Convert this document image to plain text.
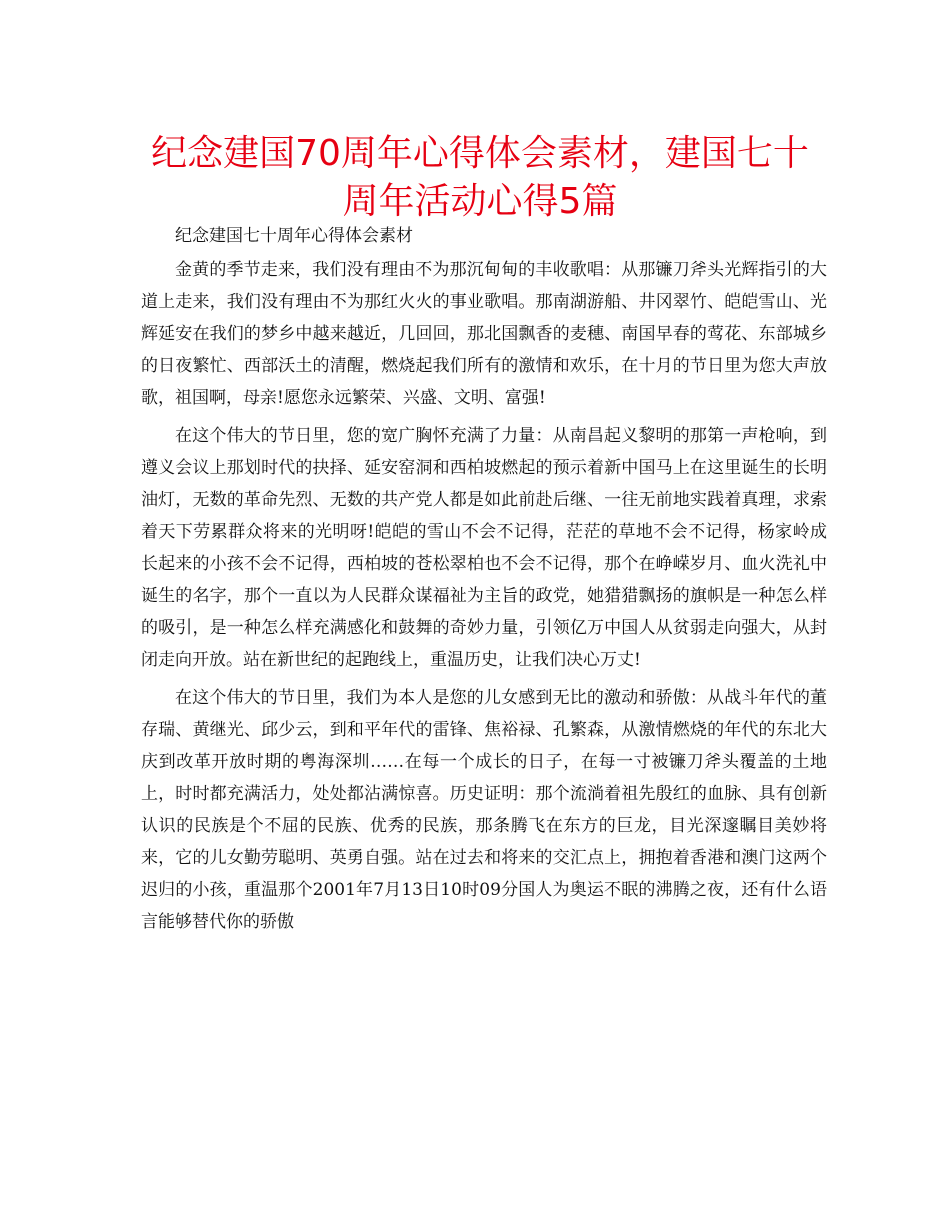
纪念建国70周年心得体会素材，建国七十
周年活动心得5篇

纪念建国七十周年心得体会素材

金黄的季节走来，我们没有理由不为那沉甸甸的丰收歌唱：从那镰刀斧头光辉指引的大道上走来，我们没有理由不为那红火火的事业歌唱。那南湖游船、井冈翠竹、皑皑雪山、光辉延安在我们的梦乡中越来越近，几回回，那北国飘香的麦穗、南国早春的莺花、东部城乡的日夜繁忙、西部沃土的清醒，燃烧起我们所有的激情和欢乐，在十月的节日里为您大声放歌，祖国啊，母亲!愿您永远繁荣、兴盛、文明、富强!

在这个伟大的节日里，您的宽广胸怀充满了力量：从南昌起义黎明的那第一声枪响，到遵义会议上那划时代的抉择、延安窑洞和西柏坡燃起的预示着新中国马上在这里诞生的长明油灯，无数的革命先烈、无数的共产党人都是如此前赴后继、一往无前地实践着真理，求索着天下劳累群众将来的光明呀!皑皑的雪山不会不记得，茫茫的草地不会不记得，杨家岭成长起来的小孩不会不记得，西柏坡的苍松翠柏也不会不记得，那个在峥嵘岁月、血火洗礼中诞生的名字，那个一直以为人民群众谋福祉为主旨的政党，她猎猎飘扬的旗帜是一种怎么样的吸引，是一种怎么样充满感化和鼓舞的奇妙力量，引领亿万中国人从贫弱走向强大，从封闭走向开放。站在新世纪的起跑线上，重温历史，让我们决心万丈!

在这个伟大的节日里，我们为本人是您的儿女感到无比的激动和骄傲：从战斗年代的董存瑞、黄继光、邱少云，到和平年代的雷锋、焦裕禄、孔繁森，从激情燃烧的年代的东北大庆到改革开放时期的粤海深圳……在每一个成长的日子，在每一寸被镰刀斧头覆盖的土地上，时时都充满活力，处处都沾满惊喜。历史证明：那个流淌着祖先殷红的血脉、具有创新认识的民族是个不屈的民族、优秀的民族，那条腾飞在东方的巨龙，目光深邃瞩目美妙将来，它的儿女勤劳聪明、英勇自强。站在过去和将来的交汇点上，拥抱着香港和澳门这两个迟归的小孩，重温那个2001年7月13日10时09分国人为奥运不眠的沸腾之夜，还有什么语言能够替代你的骄傲
